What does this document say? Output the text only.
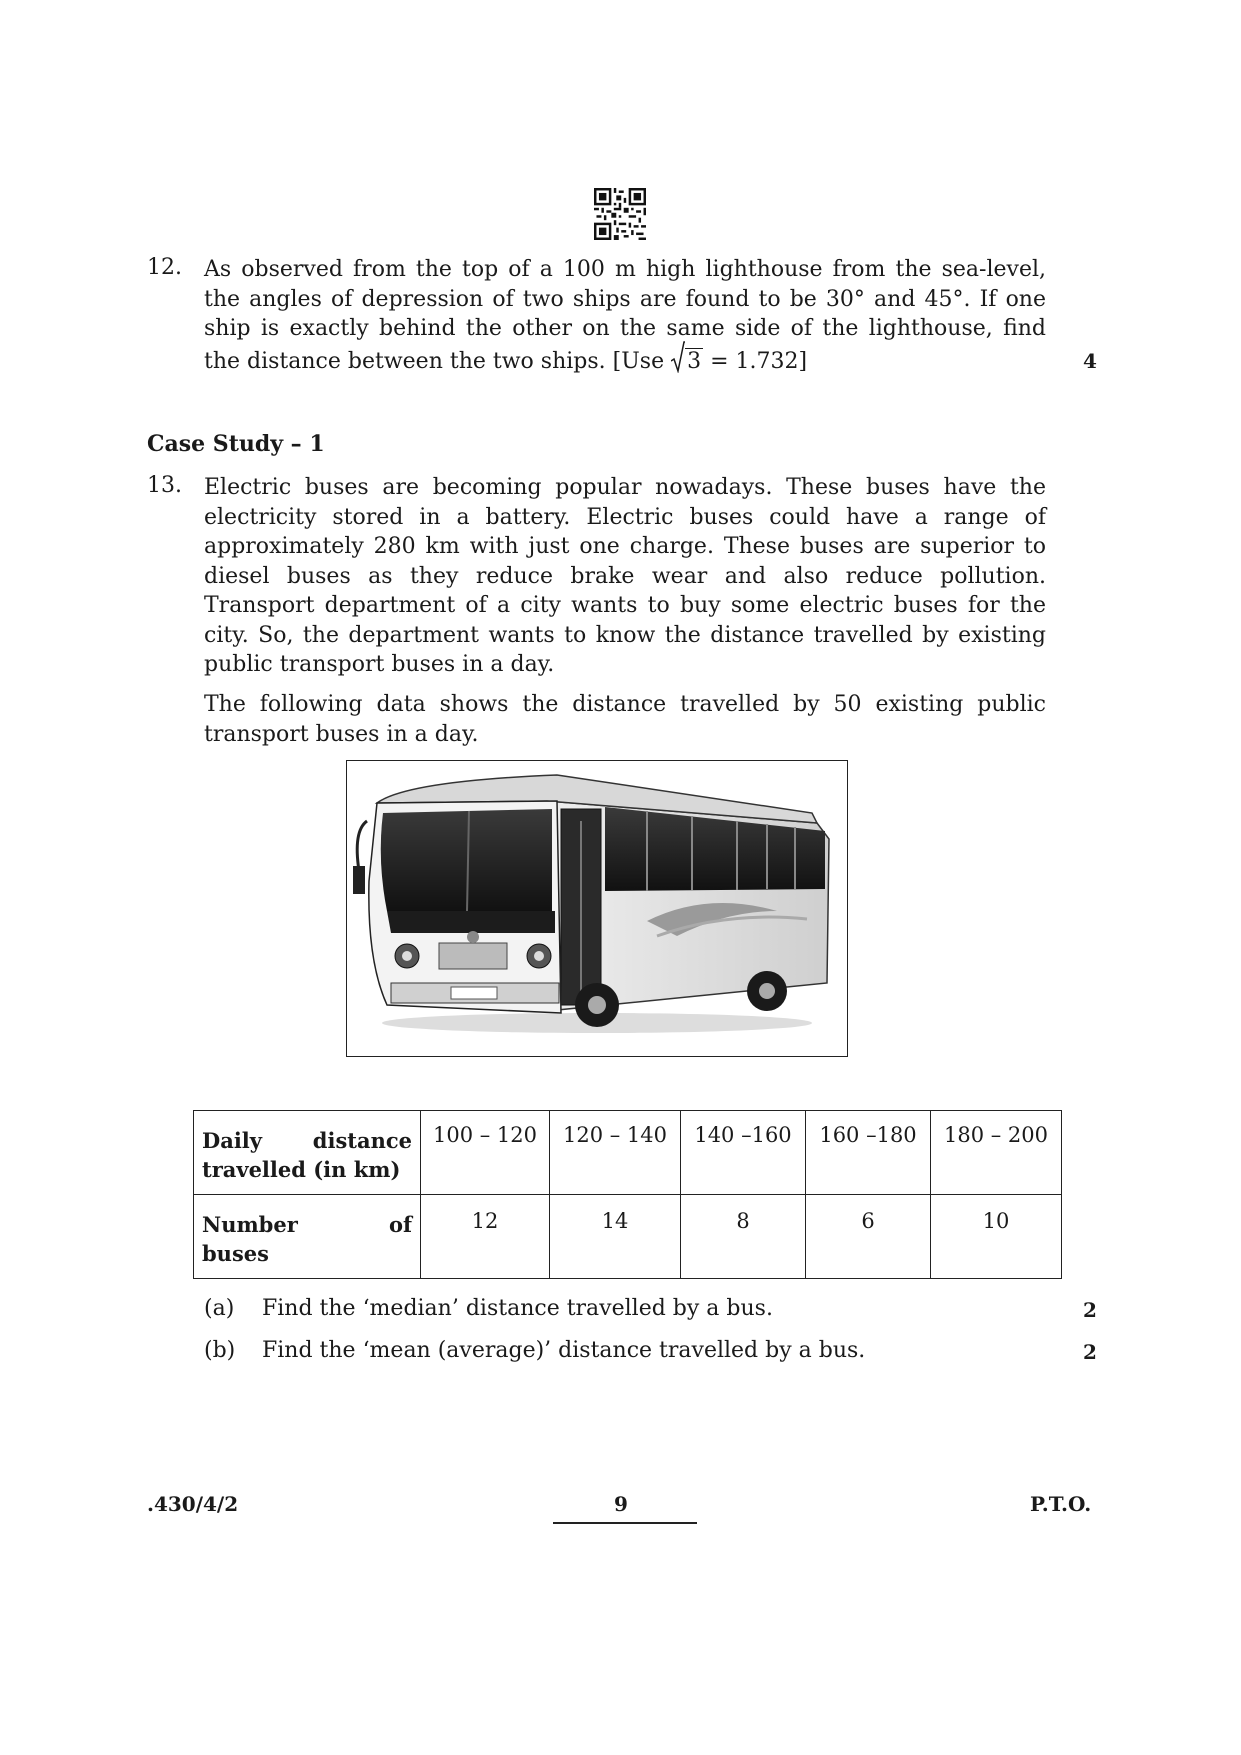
12. As observed from the top of a 100 m high lighthouse from the sea-level,
the angles of depression of two ships are found to be 30° and 45°. If one
ship is exactly behind the other on the same side of the lighthouse, find
the distance between the two ships. [Use
3 = 1.732]	4
Case Study – 1
13. Electric buses are becoming popular nowadays. These buses have the
electricity stored in a battery. Electric buses could have a range of
approximately 280 km with just one charge. These buses are superior to
diesel buses as they reduce brake wear and also reduce pollution.
Transport department of a city wants to buy some electric buses for the
city. So, the department wants to know the distance travelled by existing
public transport buses in a day.
The following data shows the distance travelled by 50 existing public
transport buses in a day.
Daily distance
travelled (in km)	100 – 120	120 – 140	140 –160	160 –180	180 – 200

Number of
buses	12	14	8	6	10
(a) Find the ‘median’ distance travelled by a bus.	2
(b) Find the ‘mean (average)’ distance travelled by a bus.	2
.430/4/2	9	P.T.O.
